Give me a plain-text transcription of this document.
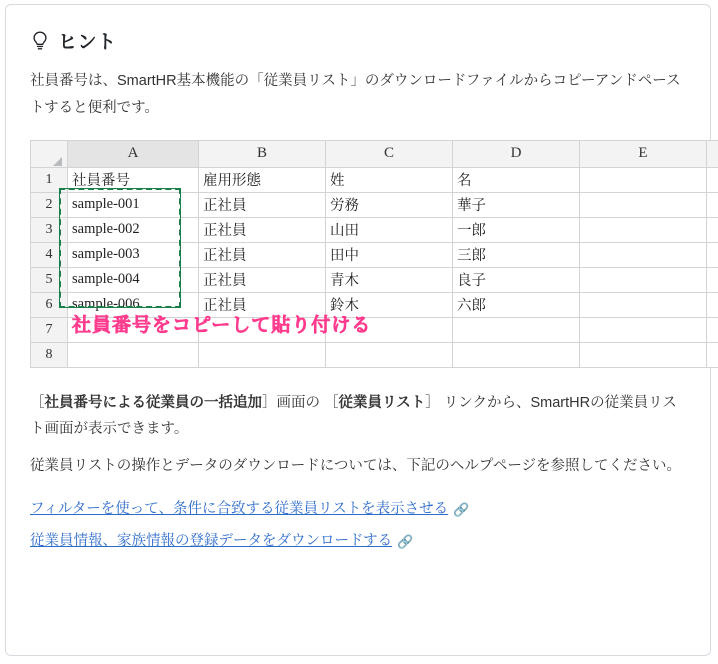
ヒント

社員番号は、SmartHR基本機能の「従業員リスト」のダウンロードファイルからコピーアンドペーストすると便利です。

	A	B	C	D	E	
1	社員番号	雇用形態	姓	名		
2	sample-001	正社員	労務	華子		
3	sample-002	正社員	山田	一郎		
4	sample-003	正社員	田中	三郎		
5	sample-004	正社員	青木	良子		
6	sample-006	正社員	鈴木	六郎		
7						
8						
社員番号をコピーして貼り付ける

［社員番号による従業員の一括追加］画面の ［従業員リスト］ リンクから、SmartHRの従業員リスト画面が表示できます。

従業員リストの操作とデータのダウンロードについては、下記のヘルプページを参照してください。

フィルターを使って、条件に合致する従業員リストを表示させる 🔗
従業員情報、家族情報の登録データをダウンロードする 🔗
